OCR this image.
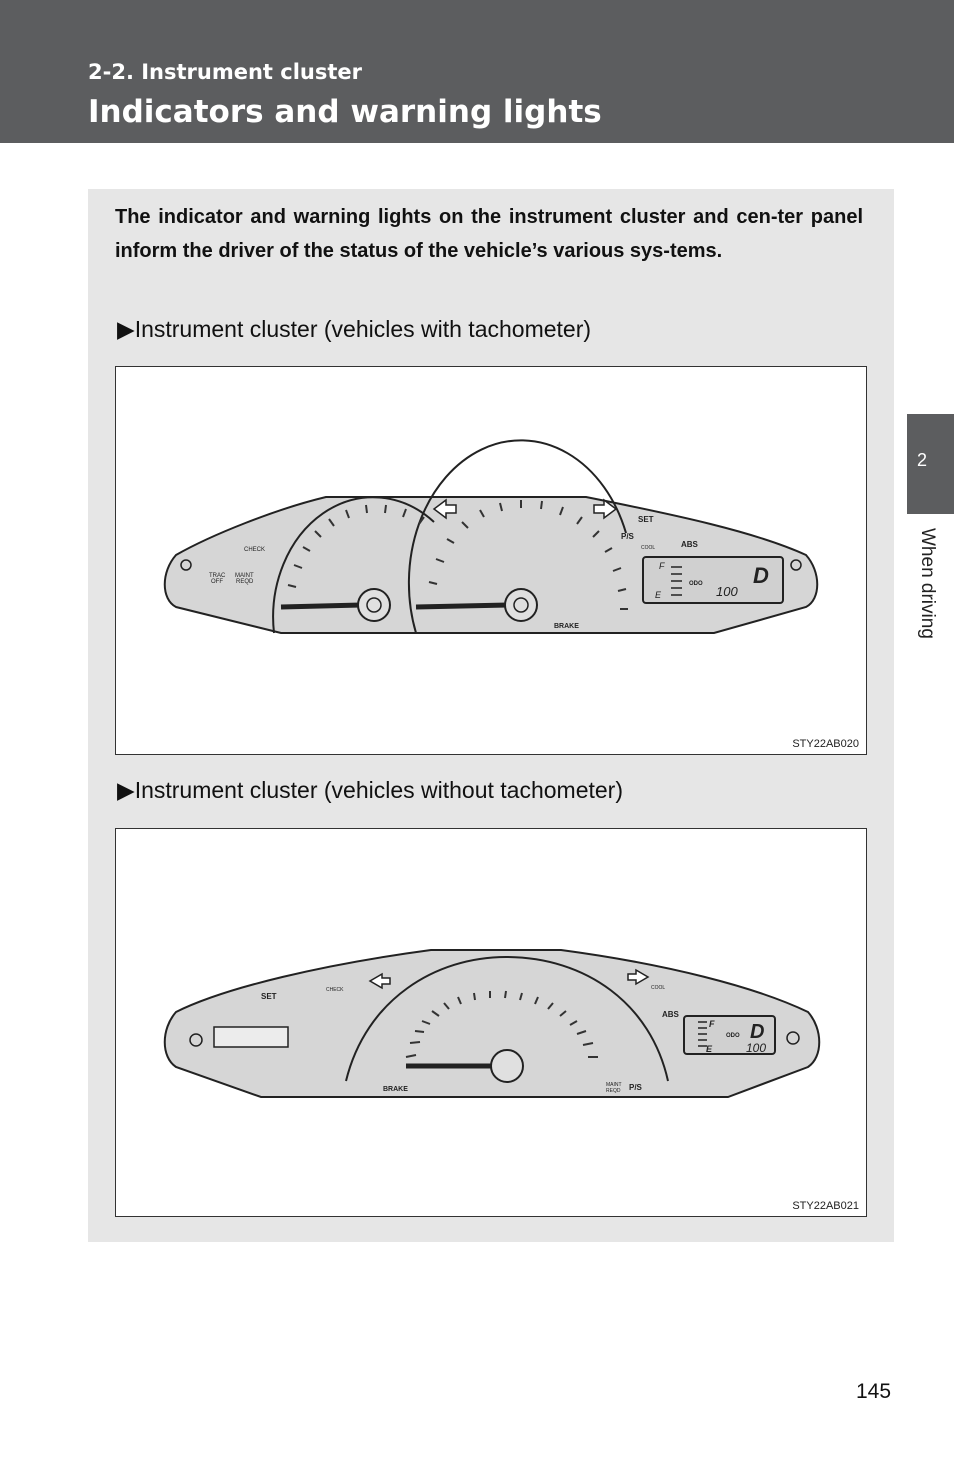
2-2. Instrument cluster
Indicators and warning lights
2
When driving
The indicator and warning lights on the instrument cluster and cen-ter panel inform the driver of the status of the vehicle’s various sys-tems.
▶Instrument cluster (vehicles with tachometer)
CHECK
TRAC
OFF
MAINT
REQD
SET
P/S
COOL	ABS
F
E
ODO 100
D
BRAKE
STY22AB020
▶Instrument cluster (vehicles without tachometer)
SET
CHECK	COOL
ABS
F
E
ODO
100
D
BRAKE
MAINT
REQD P/S
STY22AB021
145
